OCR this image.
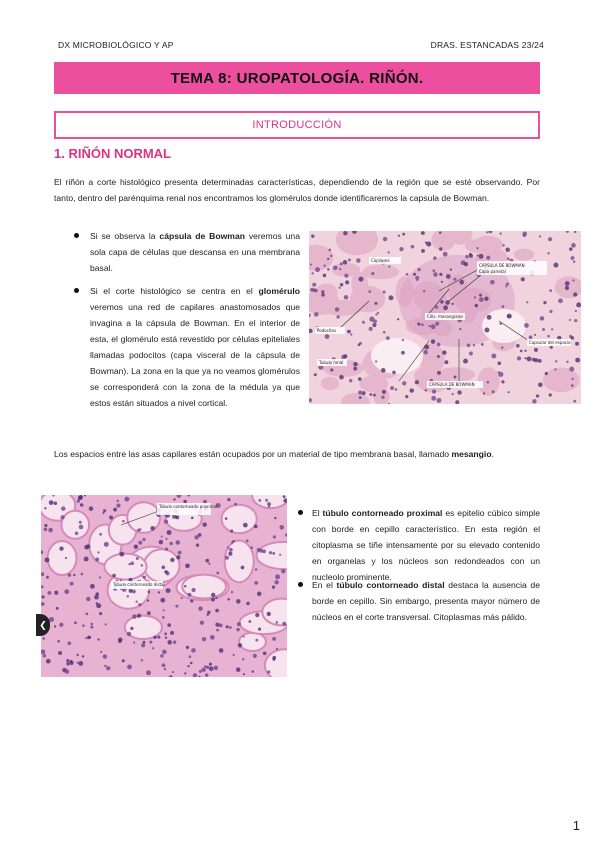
DX MICROBIOLÓGICO Y AP	DRAS. ESTANCADAS 23/24
TEMA 8: UROPATOLOGÍA. RIÑÓN.
INTRODUCCIÓN
1. RIÑÓN NORMAL
El riñón a corte histológico presenta determinadas características, dependiendo de la región que se esté observando. Por tanto, dentro del parénquima renal nos encontramos los glomérulos donde identificaremos la capsula de Bowman.
Si se observa la cápsula de Bowman veremos una sola capa de células que descansa en una membrana basal.
Si el corte histológico se centra en el glomérulo veremos una red de capilares anastomosados que invagina a la cápsula de Bowman. En el interior de esta, el glomérulo está revestido por células epiteliales llamadas podocitos (capa visceral de la cápsula de Bowman). La zona en la que ya no veamos glomérulos se corresponderá con la zona de la médula ya que estos están situados a nivel cortical.
CÁPSULA DE BOWMAN
Capa parietal
Capilares
Céls. mesangiales
Podocitos
Capsular del espacio
Tubulo renal
CÁPSULA DE BOWMAN
Los espacios entre las asas capilares están ocupados por un material de tipo membrana basal, llamado mesangio.
Túbulo contorneado proximal
Túbulo contorneado distal
❮
El túbulo contorneado proximal es epitelio cúbico simple con borde en cepillo característico. En esta región el citoplasma se tiñe intensamente por su elevado contenido en organelas y los núcleos son redondeados con un nucleolo prominente.
En el túbulo contorneado distal destaca la ausencia de borde en cepillo. Sin embargo, presenta mayor número de núcleos en el corte transversal. Citoplasmas más pálido.
1
